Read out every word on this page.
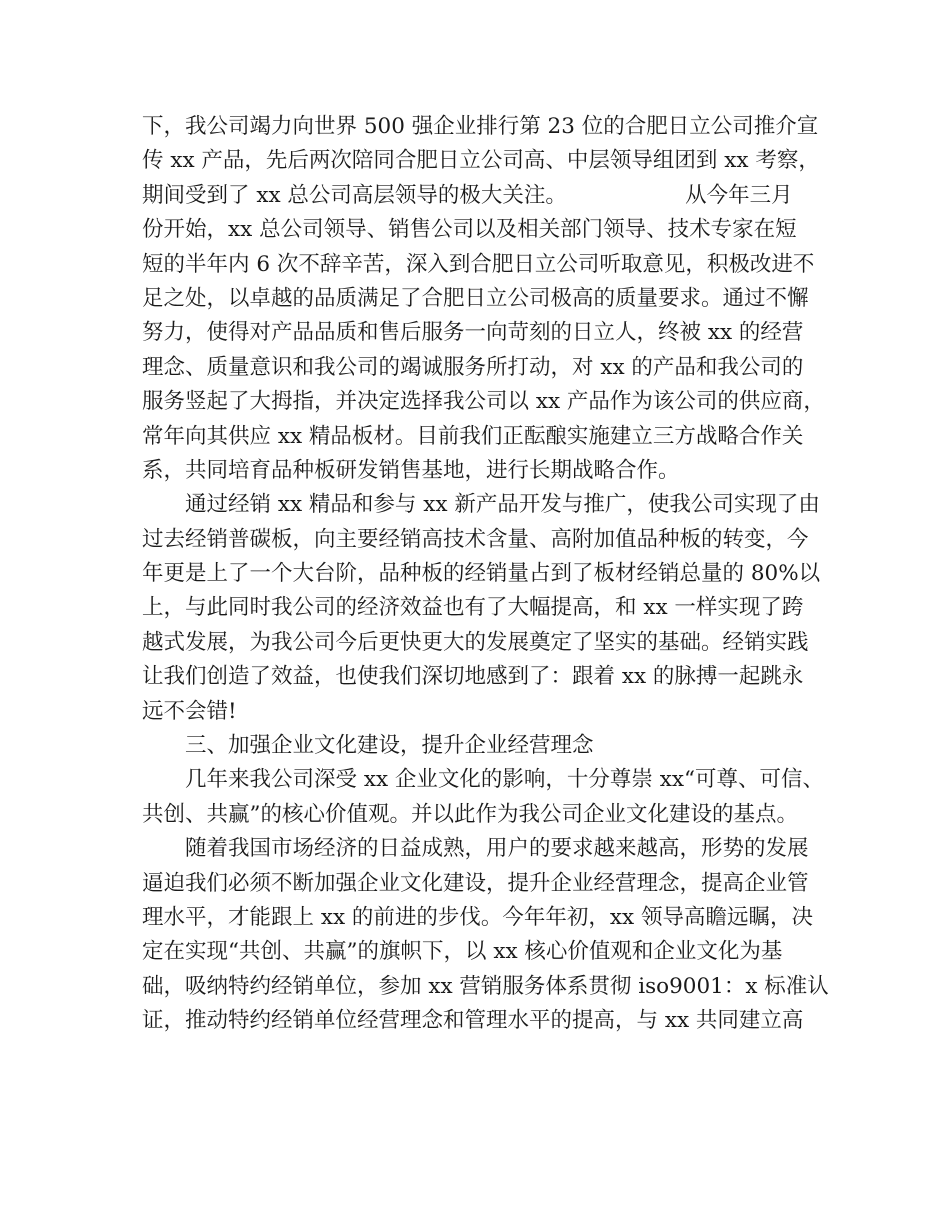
下，我公司竭力向世界 500 强企业排行第 23 位的合肥日立公司推介宣
传 xx 产品，先后两次陪同合肥日立公司高、中层领导组团到 xx 考察，
期间受到了 xx 总公司高层领导的极大关注。　　　　　　从今年三月
份开始，xx 总公司领导、销售公司以及相关部门领导、技术专家在短
短的半年内 6 次不辞辛苦，深入到合肥日立公司听取意见，积极改进不
足之处，以卓越的品质满足了合肥日立公司极高的质量要求。通过不懈
努力，使得对产品品质和售后服务一向苛刻的日立人，终被 xx 的经营
理念、质量意识和我公司的竭诚服务所打动，对 xx 的产品和我公司的
服务竖起了大拇指，并决定选择我公司以 xx 产品作为该公司的供应商，
常年向其供应 xx 精品板材。目前我们正酝酿实施建立三方战略合作关
系，共同培育品种板研发销售基地，进行长期战略合作。
　　通过经销 xx 精品和参与 xx 新产品开发与推广，使我公司实现了由
过去经销普碳板，向主要经销高技术含量、高附加值品种板的转变，今
年更是上了一个大台阶，品种板的经销量占到了板材经销总量的 80%以
上，与此同时我公司的经济效益也有了大幅提高，和 xx 一样实现了跨
越式发展，为我公司今后更快更大的发展奠定了坚实的基础。经销实践
让我们创造了效益，也使我们深切地感到了：跟着 xx 的脉搏一起跳永
远不会错!
　　三、加强企业文化建设，提升企业经营理念
　　几年来我公司深受 xx 企业文化的影响，十分尊崇 xx“可尊、可信、
共创、共赢”的核心价值观。并以此作为我公司企业文化建设的基点。
　　随着我国市场经济的日益成熟，用户的要求越来越高，形势的发展
逼迫我们必须不断加强企业文化建设，提升企业经营理念，提高企业管
理水平，才能跟上 xx 的前进的步伐。今年年初，xx 领导高瞻远瞩，决
定在实现“共创、共赢”的旗帜下，以 xx 核心价值观和企业文化为基
础，吸纳特约经销单位，参加 xx 营销服务体系贯彻 iso9001：x 标准认
证，推动特约经销单位经营理念和管理水平的提高，与 xx 共同建立高
